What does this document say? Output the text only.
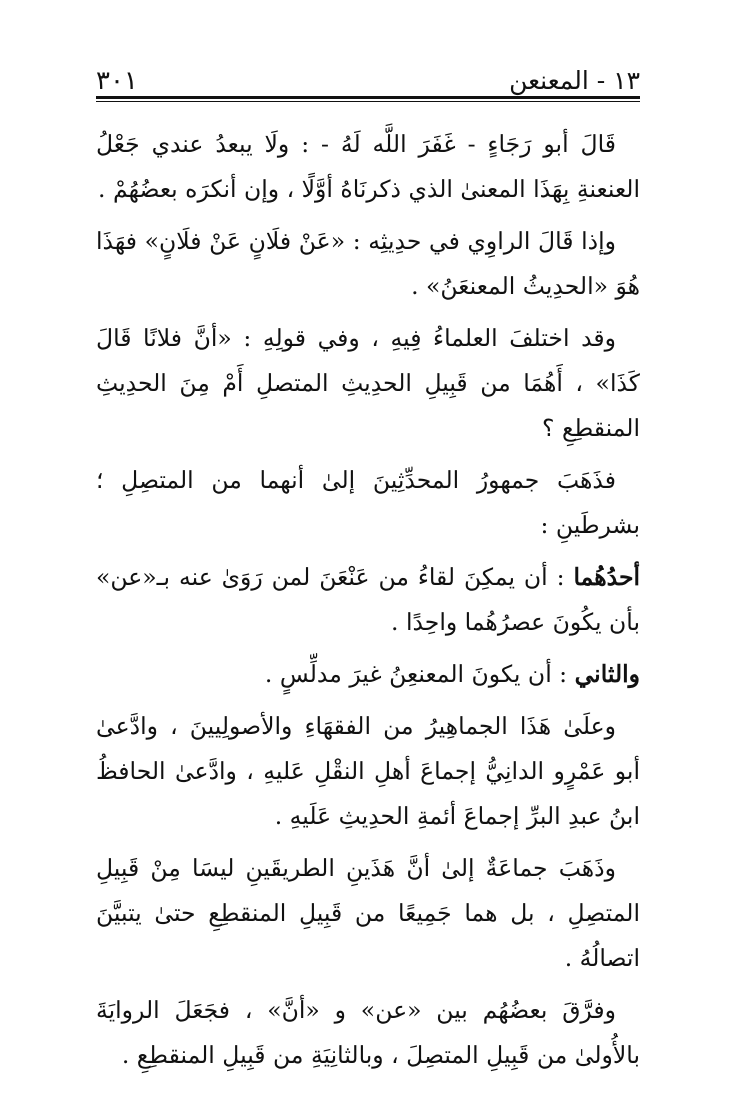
١٣ - المعنعن
٣٠١

قَالَ أبو رَجَاءٍ - غَفَرَ اللَّه لَهُ - : ولَا يبعدُ عندي جَعْلُ العنعنةِ بِهَذَا المعنىٰ الذي ذكرنَاهُ أوَّلًا ، وإن أنكرَه بعضُهُمْ .

وإذا قَالَ الراوِي في حدِيثِه : «عَنْ فلَانٍ عَنْ فلَانٍ» فهَذَا هُوَ «الحدِيثُ المعنعَنُ» .

وقد اختلفَ العلماءُ فِيهِ ، وفي قولِهِ : «أنَّ فلانًا قَالَ كَذَا» ، أَهُمَا من قَبِيلِ الحدِيثِ المتصلِ أَمْ مِنَ الحدِيثِ المنقطِعِ ؟

فذَهَبَ جمهورُ المحدِّثِينَ إلىٰ أنهما من المتصِلِ ؛ بشرطَينِ :

أحدُهُما : أن يمكِنَ لقاءُ من عَنْعَنَ لمن رَوَىٰ عنه بـ«عن» بأن يكُونَ عصرُهُما واحِدًا .

والثاني : أن يكونَ المعنعِنُ غيرَ مدلِّسٍ .

وعلَىٰ هَذَا الجماهِيرُ من الفقهَاءِ والأصولِيينَ ، وادَّعىٰ أبو عَمْرٍو الدانِيُّ إجماعَ أهلِ النقْلِ عَليهِ ، وادَّعىٰ الحافظُ ابنُ عبدِ البرِّ إجماعَ أئمةِ الحدِيثِ عَلَيهِ .

وذَهَبَ جماعَةٌ إلىٰ أنَّ هَذَينِ الطريقَينِ ليسَا مِنْ قَبِيلِ المتصِلِ ، بل هما جَمِيعًا من قَبِيلِ المنقطِعِ حتىٰ يتبيَّنَ اتصالُهُ .

وفرَّقَ بعضُهُم بين «عن» و «أنَّ» ، فجَعَلَ الروايَةَ بالأُولىٰ من قَبِيلِ المتصِلَ ، وبالثانِيَةِ من قَبِيلِ المنقطِعِ .
